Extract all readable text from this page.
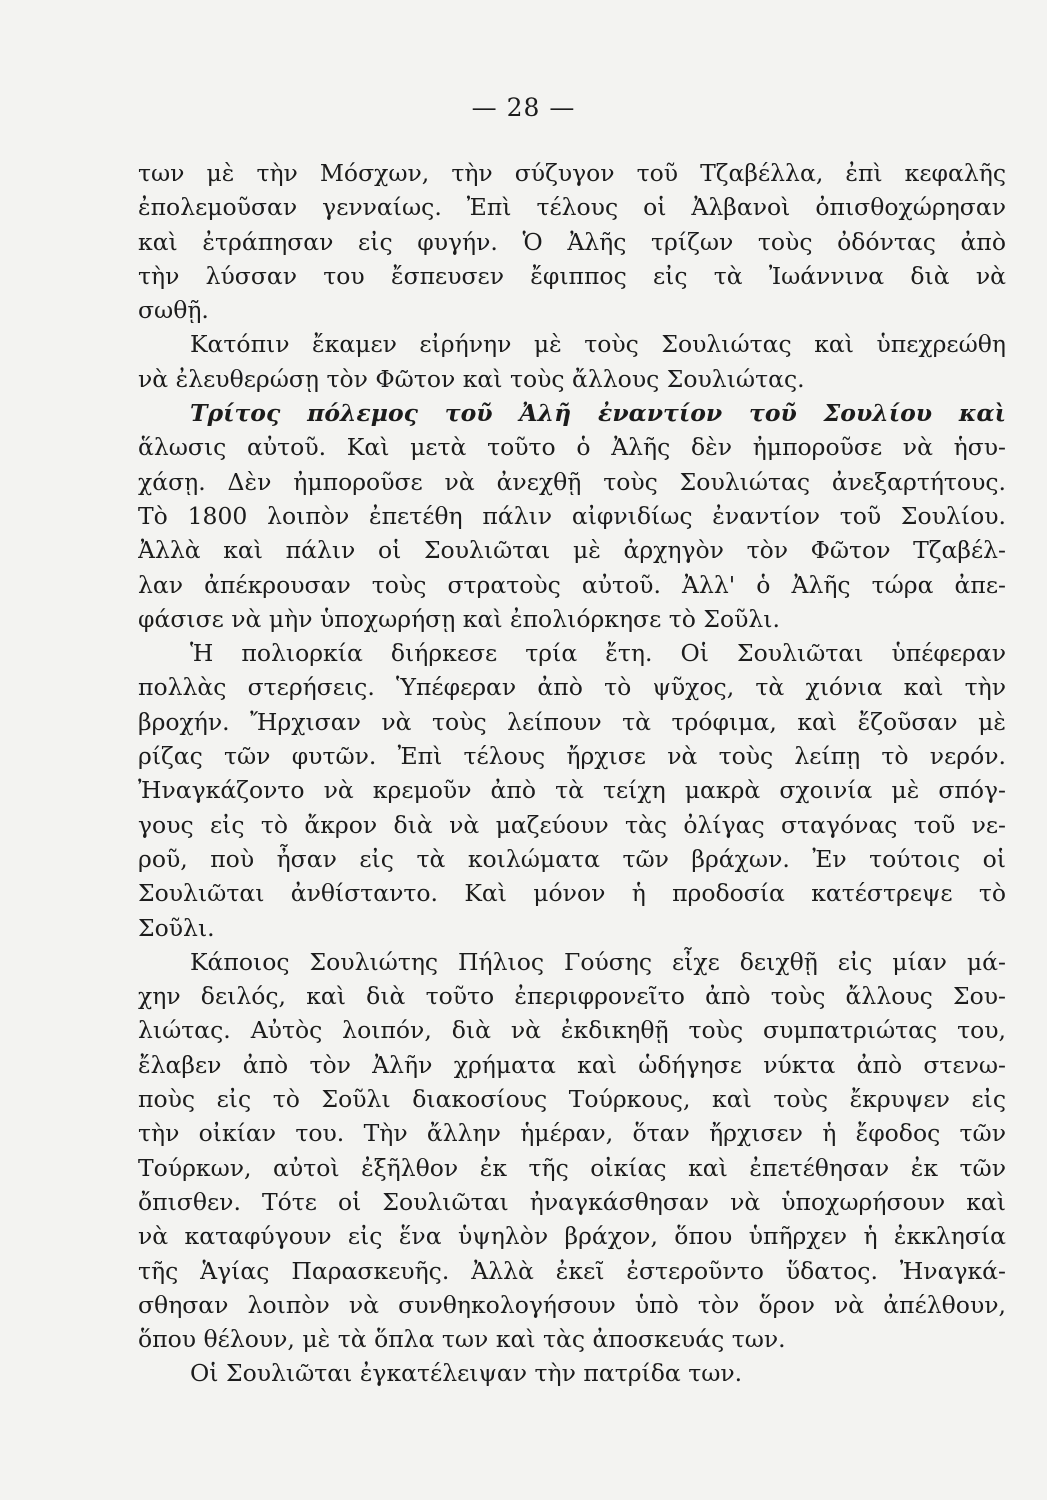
— 28 —
των μὲ τὴν Μόσχων, τὴν σύζυγον τοῦ Τζαβέλλα, ἐπὶ κεφαλῆς
ἐπολεμοῦσαν γενναίως. Ἐπὶ τέλους οἱ Ἀλβανοὶ ὀπισθοχώρησαν
καὶ ἐτράπησαν εἰς φυγήν. Ὁ Ἀλῆς τρίζων τοὺς ὀδόντας ἀπὸ
τὴν λύσσαν του ἔσπευσεν ἔφιππος εἰς τὰ Ἰωάννινα διὰ νὰ
σωθῇ.
Κατόπιν ἔκαμεν εἰρήνην μὲ τοὺς Σουλιώτας καὶ ὑπεχρεώθη
νὰ ἐλευθερώσῃ τὸν Φῶτον καὶ τοὺς ἄλλους Σουλιώτας.
Τρίτος πόλεμος τοῦ Ἀλῆ ἐναντίον τοῦ Σουλίου καὶ
ἅλωσις αὐτοῦ. Καὶ μετὰ τοῦτο ὁ Ἀλῆς δὲν ἠμποροῦσε νὰ ἡσυ-
χάσῃ. Δὲν ἠμποροῦσε νὰ ἀνεχθῇ τοὺς Σουλιώτας ἀνεξαρτήτους.
Τὸ 1800 λοιπὸν ἐπετέθη πάλιν αἰφνιδίως ἐναντίον τοῦ Σουλίου.
Ἀλλὰ καὶ πάλιν οἱ Σουλιῶται μὲ ἀρχηγὸν τὸν Φῶτον Τζαβέλ-
λαν ἀπέκρουσαν τοὺς στρατοὺς αὐτοῦ. Ἀλλ' ὁ Ἀλῆς τώρα ἀπε-
φάσισε νὰ μὴν ὑποχωρήσῃ καὶ ἐπολιόρκησε τὸ Σοῦλι.
Ἡ πολιορκία διήρκεσε τρία ἔτη. Οἱ Σουλιῶται ὑπέφεραν
πολλὰς στερήσεις. Ὑπέφεραν ἀπὸ τὸ ψῦχος, τὰ χιόνια καὶ τὴν
βροχήν. Ἤρχισαν νὰ τοὺς λείπουν τὰ τρόφιμα, καὶ ἔζοῦσαν μὲ
ρίζας τῶν φυτῶν. Ἐπὶ τέλους ἤρχισε νὰ τοὺς λείπῃ τὸ νερόν.
Ἠναγκάζοντο νὰ κρεμοῦν ἀπὸ τὰ τείχη μακρὰ σχοινία μὲ σπόγ-
γους εἰς τὸ ἄκρον διὰ νὰ μαζεύουν τὰς ὀλίγας σταγόνας τοῦ νε-
ροῦ, ποὺ ἦσαν εἰς τὰ κοιλώματα τῶν βράχων. Ἐν τούτοις οἱ
Σουλιῶται ἀνθίσταντο. Καὶ μόνον ἡ προδοσία κατέστρεψε τὸ
Σοῦλι.
Κάποιος Σουλιώτης Πήλιος Γούσης εἶχε δειχθῇ εἰς μίαν μά-
χην δειλός, καὶ διὰ τοῦτο ἐπεριφρονεῖτο ἀπὸ τοὺς ἄλλους Σου-
λιώτας. Αὐτὸς λοιπόν, διὰ νὰ ἐκδικηθῇ τοὺς συμπατριώτας του,
ἔλαβεν ἀπὸ τὸν Ἀλῆν χρήματα καὶ ὡδήγησε νύκτα ἀπὸ στενω-
ποὺς εἰς τὸ Σοῦλι διακοσίους Τούρκους, καὶ τοὺς ἔκρυψεν εἰς
τὴν οἰκίαν του. Τὴν ἄλλην ἡμέραν, ὅταν ἤρχισεν ἡ ἔφοδος τῶν
Τούρκων, αὐτοὶ ἐξῆλθον ἐκ τῆς οἰκίας καὶ ἐπετέθησαν ἐκ τῶν
ὄπισθεν. Τότε οἱ Σουλιῶται ἠναγκάσθησαν νὰ ὑποχωρήσουν καὶ
νὰ καταφύγουν εἰς ἕνα ὑψηλὸν βράχον, ὅπου ὑπῆρχεν ἡ ἐκκλησία
τῆς Ἁγίας Παρασκευῆς. Ἀλλὰ ἐκεῖ ἐστεροῦντο ὕδατος. Ἠναγκά-
σθησαν λοιπὸν νὰ συνθηκολογήσουν ὑπὸ τὸν ὅρον νὰ ἀπέλθουν,
ὅπου θέλουν, μὲ τὰ ὅπλα των καὶ τὰς ἀποσκευάς των.
Οἱ Σουλιῶται ἐγκατέλειψαν τὴν πατρίδα των.
